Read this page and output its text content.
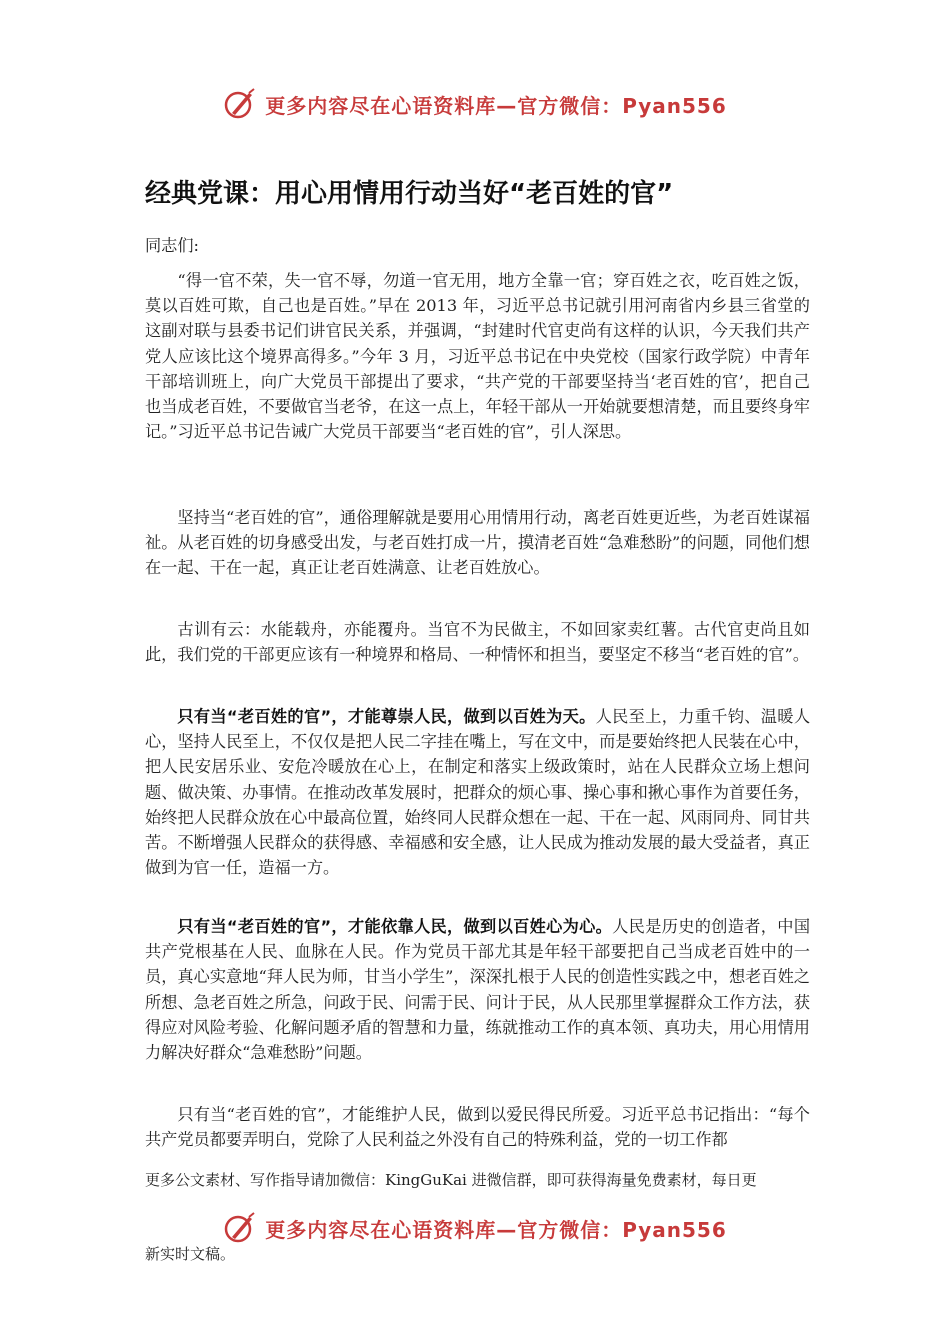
更多内容尽在心语资料库—官方微信：Pyan556
经典党课：用心用情用行动当好“老百姓的官”

同志们:

“得一官不荣，失一官不辱，勿道一官无用，地方全靠一官；穿百姓之衣，吃百姓之饭，莫以百姓可欺，自己也是百姓。”早在 2013 年，习近平总书记就引用河南省内乡县三省堂的这副对联与县委书记们讲官民关系，并强调，“封建时代官吏尚有这样的认识，今天我们共产党人应该比这个境界高得多。”今年 3 月，习近平总书记在中央党校（国家行政学院）中青年干部培训班上，向广大党员干部提出了要求，“共产党的干部要坚持当‘老百姓的官’，把自己也当成老百姓，不要做官当老爷，在这一点上，年轻干部从一开始就要想清楚，而且要终身牢记。”习近平总书记告诫广大党员干部要当“老百姓的官”，引人深思。

坚持当“老百姓的官”，通俗理解就是要用心用情用行动，离老百姓更近些，为老百姓谋福祉。从老百姓的切身感受出发，与老百姓打成一片，摸清老百姓“急难愁盼”的问题，同他们想在一起、干在一起，真正让老百姓满意、让老百姓放心。

古训有云：水能载舟，亦能覆舟。当官不为民做主，不如回家卖红薯。古代官吏尚且如此，我们党的干部更应该有一种境界和格局、一种情怀和担当，要坚定不移当“老百姓的官”。

只有当“老百姓的官”，才能尊崇人民，做到以百姓为天。人民至上，力重千钧、温暖人心，坚持人民至上，不仅仅是把人民二字挂在嘴上，写在文中，而是要始终把人民装在心中，把人民安居乐业、安危冷暖放在心上，在制定和落实上级政策时，站在人民群众立场上想问题、做决策、办事情。在推动改革发展时，把群众的烦心事、操心事和揪心事作为首要任务，始终把人民群众放在心中最高位置，始终同人民群众想在一起、干在一起、风雨同舟、同甘共苦。不断增强人民群众的获得感、幸福感和安全感，让人民成为推动发展的最大受益者，真正做到为官一任，造福一方。

只有当“老百姓的官”，才能依靠人民，做到以百姓心为心。人民是历史的创造者，中国共产党根基在人民、血脉在人民。作为党员干部尤其是年轻干部要把自己当成老百姓中的一员，真心实意地“拜人民为师，甘当小学生”，深深扎根于人民的创造性实践之中，想老百姓之所想、急老百姓之所急，问政于民、问需于民、问计于民，从人民那里掌握群众工作方法，获得应对风险考验、化解问题矛盾的智慧和力量，练就推动工作的真本领、真功夫，用心用情用力解决好群众“急难愁盼”问题。

只有当“老百姓的官”，才能维护人民，做到以爱民得民所爱。习近平总书记指出：“每个共产党员都要弄明白，党除了人民利益之外没有自己的特殊利益，党的一切工作都

更多公文素材、写作指导请加微信：KingGuKai 进微信群，即可获得海量免费素材，每日更

更多内容尽在心语资料库—官方微信：Pyan556

新实时文稿。
